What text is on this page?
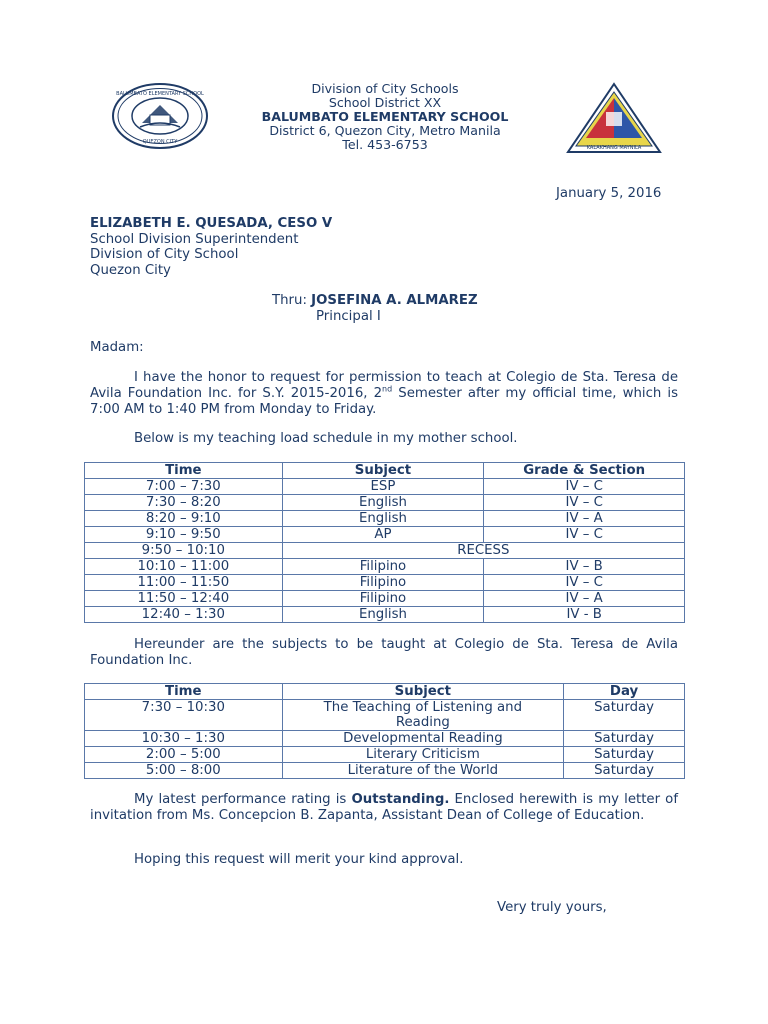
BALUMBATO ELEMENTARY SCHOOL
QUEZON CITY
Division of City Schools
School District XX
BALUMBATO ELEMENTARY SCHOOL
District 6, Quezon City, Metro Manila
Tel. 453-6753	KALAKHANG MAYNILA
January 5, 2016
ELIZABETH E. QUESADA, CESO V
School Division Superintendent
Division of City School
Quezon City
Thru: JOSEFINA A. ALMAREZ
Principal I
Madam:
I have the honor to request for permission to teach at Colegio de Sta. Teresa de Avila Foundation Inc. for S.Y. 2015-2016, 2nd Semester after my official time, which is 7:00 AM to 1:40 PM from Monday to Friday.
Below is my teaching load schedule in my mother school.
Time	Subject	Grade & Section
7:00 – 7:30	ESP	IV – C
7:30 – 8:20	English	IV – C
8:20 – 9:10	English	IV – A
9:10 – 9:50	AP	IV – C
9:50 – 10:10	RECESS	
10:10 – 11:00	Filipino	IV – B
11:00 – 11:50	Filipino	IV – C
11:50 – 12:40	Filipino	IV – A
12:40 – 1:30	English	IV - B
Hereunder are the subjects to be taught at Colegio de Sta. Teresa de Avila Foundation Inc.
Time	Subject	Day
7:30 – 10:30	The Teaching of Listening and Reading	Saturday
10:30 – 1:30	Developmental Reading	Saturday
2:00 – 5:00	Literary Criticism	Saturday
5:00 – 8:00	Literature of the World	Saturday
My latest performance rating is Outstanding. Enclosed herewith is my letter of invitation from Ms. Concepcion B. Zapanta, Assistant Dean of College of Education.
Hoping this request will merit your kind approval.
Very truly yours,
